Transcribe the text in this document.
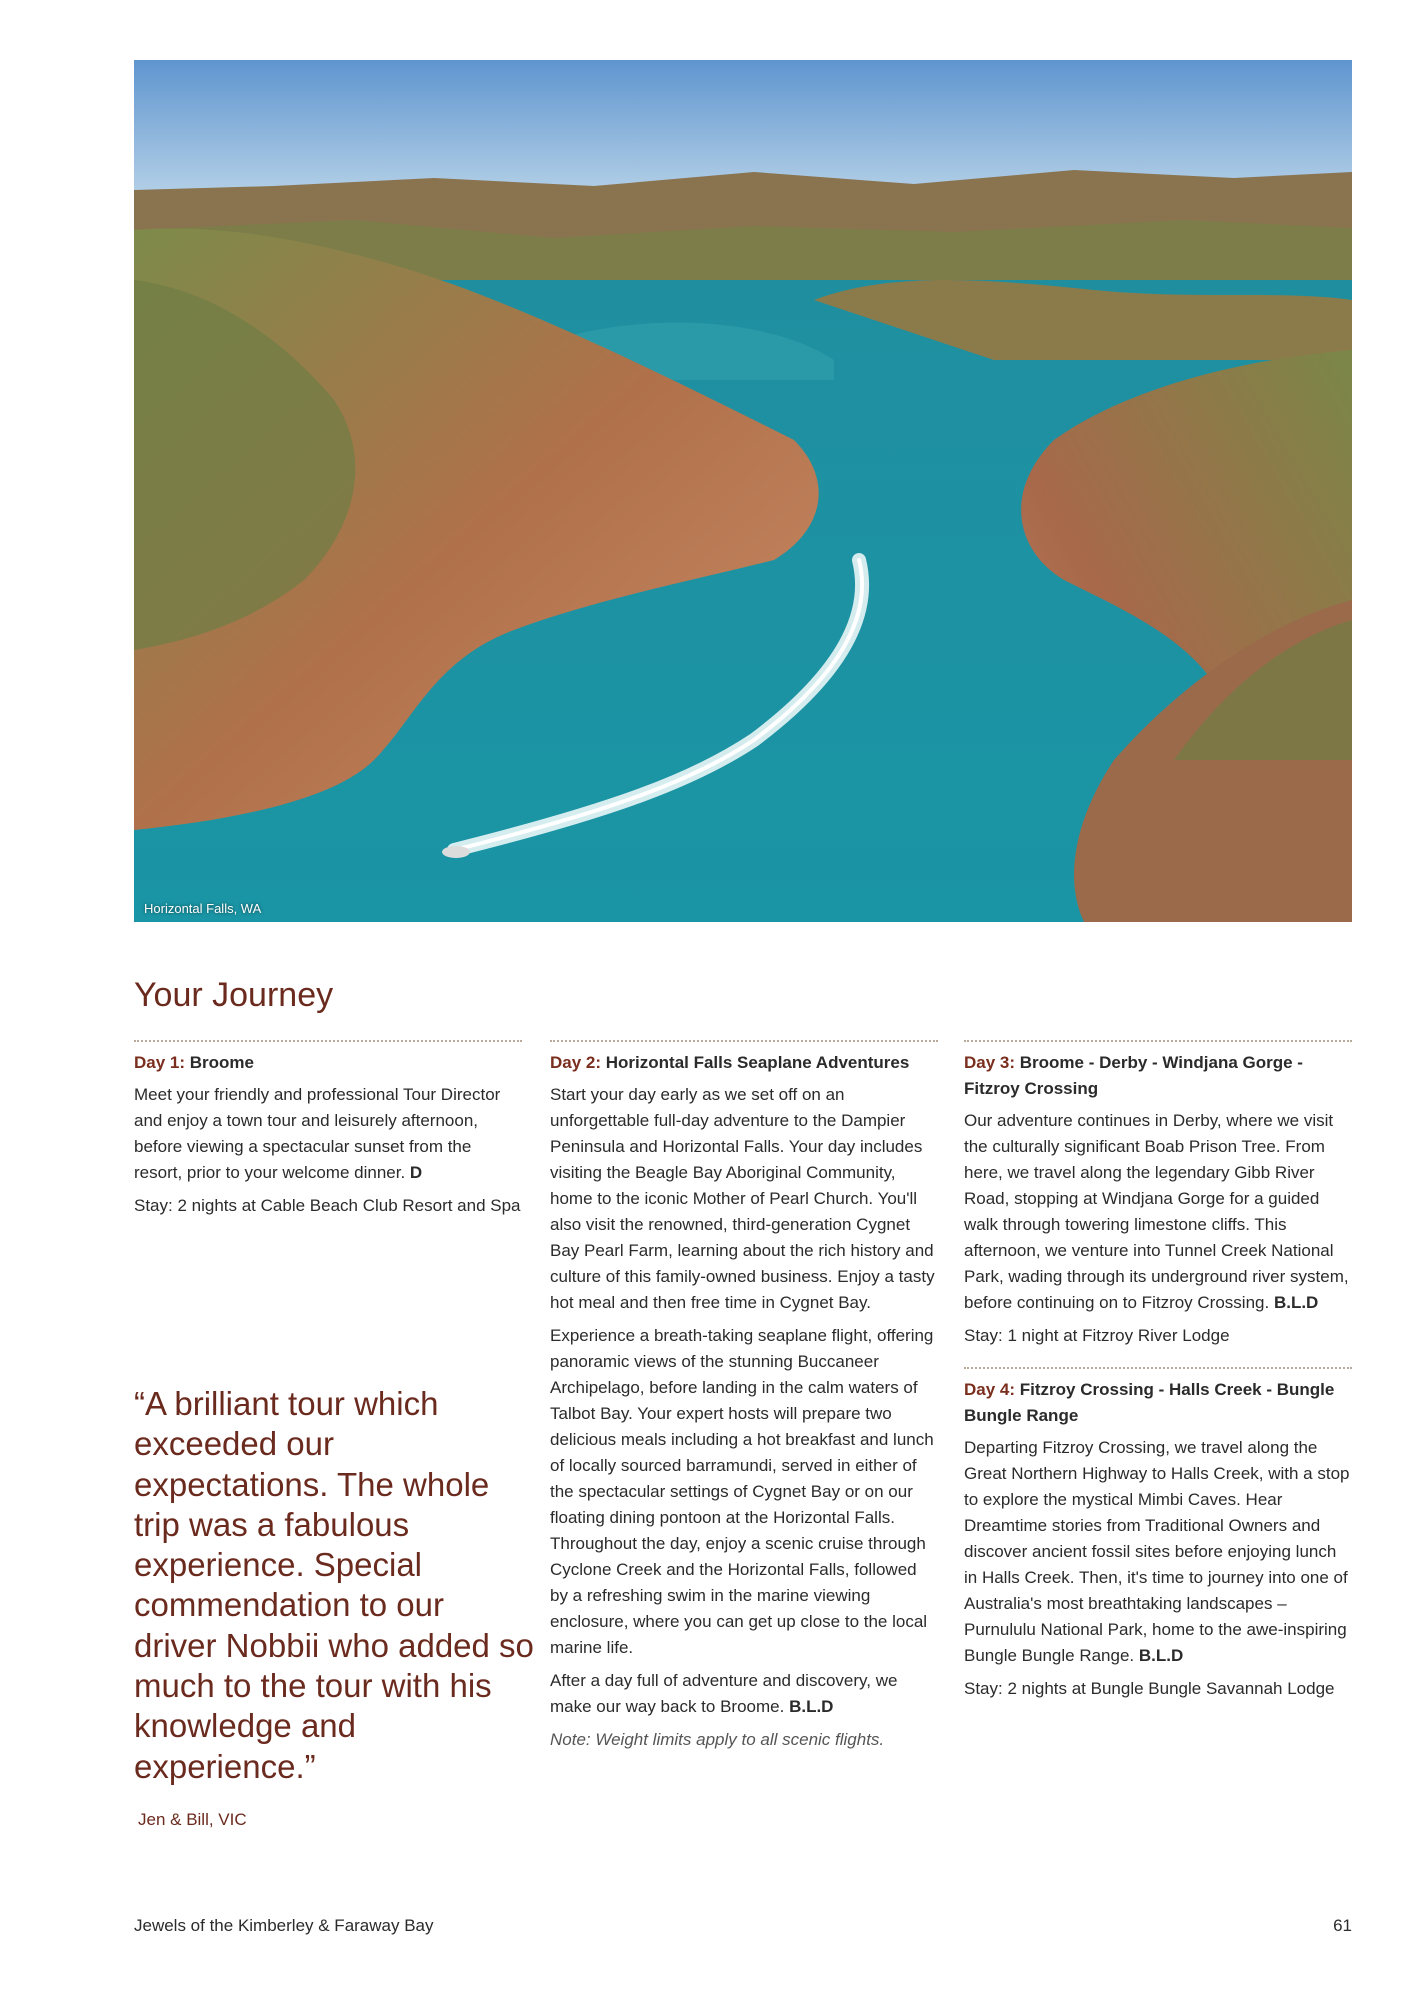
Horizontal Falls, WA
Your Journey

Day 1: Broome

Meet your friendly and professional Tour Director and enjoy a town tour and leisurely afternoon, before viewing a spectacular sunset from the resort, prior to your welcome dinner. D

Stay: 2 nights at Cable Beach Club Resort and Spa

Day 2: Horizontal Falls Seaplane Adventures

Start your day early as we set off on an unforgettable full-day adventure to the Dampier Peninsula and Horizontal Falls. Your day includes visiting the Beagle Bay Aboriginal Community, home to the iconic Mother of Pearl Church. You'll also visit the renowned, third-generation Cygnet Bay Pearl Farm, learning about the rich history and culture of this family-owned business. Enjoy a tasty hot meal and then free time in Cygnet Bay.

Experience a breath-taking seaplane flight, offering panoramic views of the stunning Buccaneer Archipelago, before landing in the calm waters of Talbot Bay. Your expert hosts will prepare two delicious meals including a hot breakfast and lunch of locally sourced barramundi, served in either of the spectacular settings of Cygnet Bay or on our floating dining pontoon at the Horizontal Falls. Throughout the day, enjoy a scenic cruise through Cyclone Creek and the Horizontal Falls, followed by a refreshing swim in the marine viewing enclosure, where you can get up close to the local marine life.

After a day full of adventure and discovery, we make our way back to Broome. B.L.D

Note: Weight limits apply to all scenic flights.

Day 3: Broome - Derby - Windjana Gorge - Fitzroy Crossing

Our adventure continues in Derby, where we visit the culturally significant Boab Prison Tree. From here, we travel along the legendary Gibb River Road, stopping at Windjana Gorge for a guided walk through towering limestone cliffs. This afternoon, we venture into Tunnel Creek National Park, wading through its underground river system, before continuing on to Fitzroy Crossing. B.L.D

Stay: 1 night at Fitzroy River Lodge

Day 4: Fitzroy Crossing - Halls Creek - Bungle Bungle Range

Departing Fitzroy Crossing, we travel along the Great Northern Highway to Halls Creek, with a stop to explore the mystical Mimbi Caves. Hear Dreamtime stories from Traditional Owners and discover ancient fossil sites before enjoying lunch in Halls Creek. Then, it's time to journey into one of Australia's most breathtaking landscapes – Purnululu National Park, home to the awe-inspiring Bungle Bungle Range. B.L.D

Stay: 2 nights at Bungle Bungle Savannah Lodge

“A brilliant tour which exceeded our expectations. The whole trip was a fabulous experience. Special commendation to our driver Nobbii who added so much to the tour with his knowledge and experience.”

Jen & Bill, VIC

Jewels of the Kimberley & Faraway Bay	61
